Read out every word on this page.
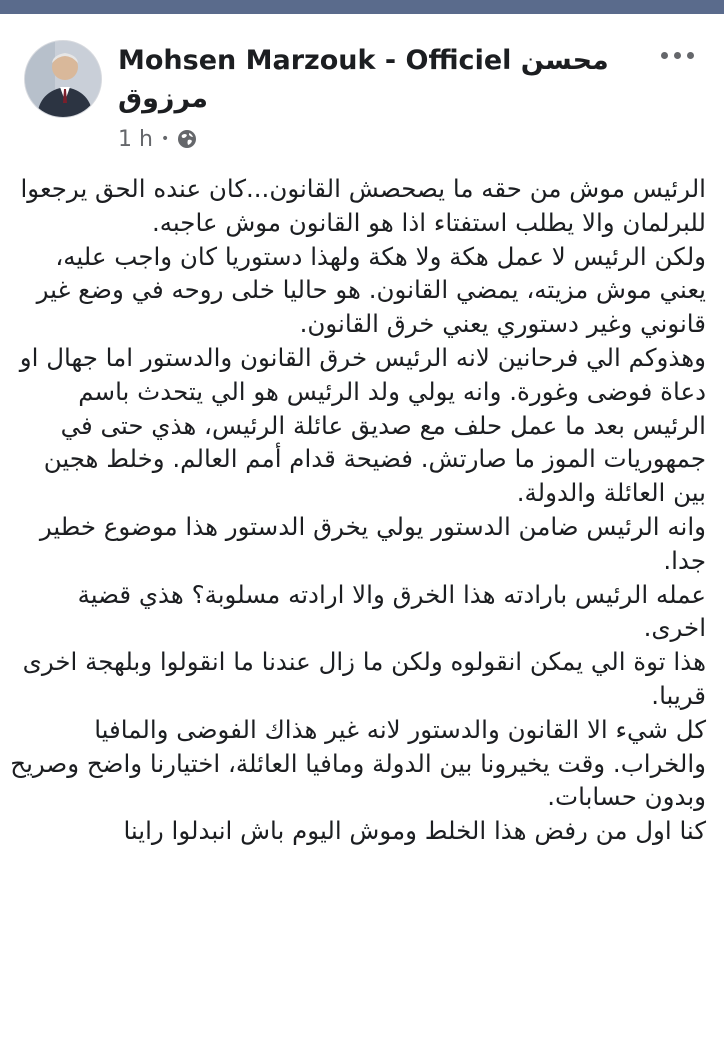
Mohsen Marzouk - Officiel محسن
مرزوق
1 h •

الرئيس موش من حقه ما يصحصش القانون...كان عنده الحق يرجعوا للبرلمان والا يطلب استفتاء اذا هو القانون موش عاجبه.

ولكن الرئيس لا عمل هكة ولا هكة ولهذا دستوريا كان واجب عليه، يعني موش مزيته، يمضي القانون. هو حاليا خلى روحه في وضع غير قانوني وغير دستوري يعني خرق القانون.

وهذوكم الي فرحانين لانه الرئيس خرق القانون والدستور اما جهال او دعاة فوضى وغورة. وانه يولي ولد الرئيس هو الي يتحدث باسم الرئيس بعد ما عمل حلف مع صديق عائلة الرئيس، هذي حتى في جمهوريات الموز ما صارتش. فضيحة قدام أمم العالم. وخلط هجين بين العائلة والدولة.

وانه الرئيس ضامن الدستور يولي يخرق الدستور هذا موضوع خطير جدا.

عمله الرئيس بارادته هذا الخرق والا ارادته مسلوبة؟ هذي قضية اخرى.

هذا توة الي يمكن انقولوه ولكن ما زال عندنا ما انقولوا وبلهجة اخرى قريبا.

كل شيء الا القانون والدستور لانه غير هذاك الفوضى والمافيا والخراب. وقت يخيرونا بين الدولة ومافيا العائلة، اختيارنا واضح وصريح وبدون حسابات.

كنا اول من رفض هذا الخلط وموش اليوم باش انبدلوا راينا
